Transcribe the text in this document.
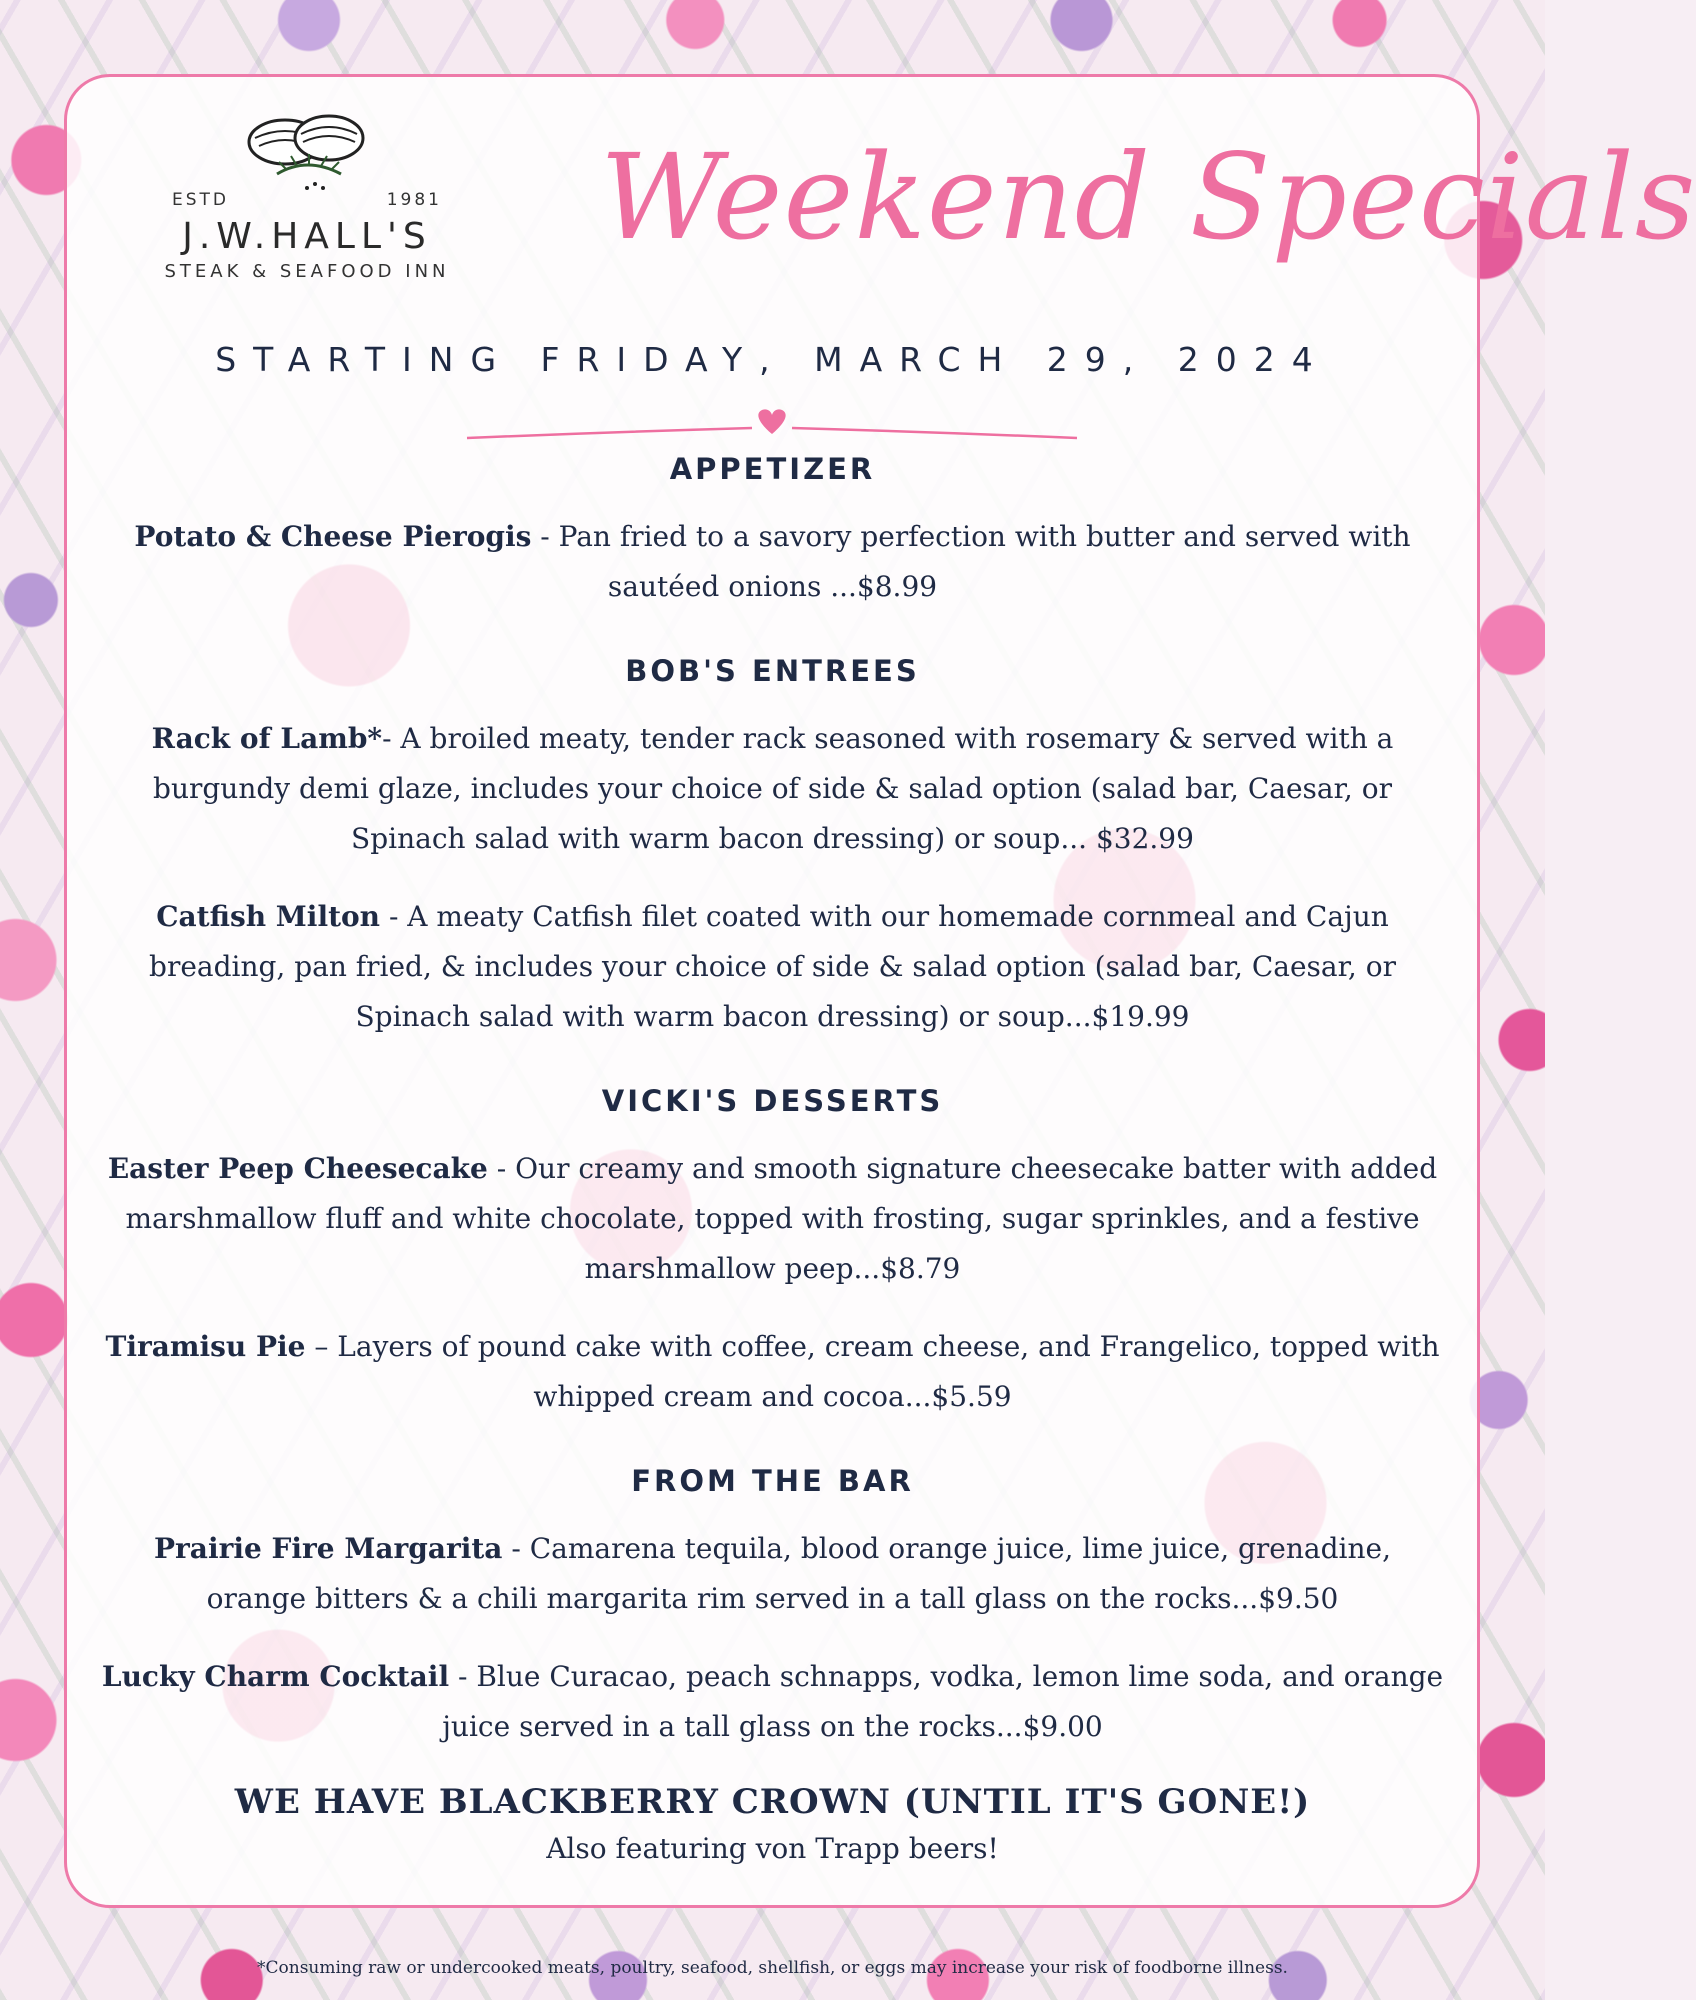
ESTD	1981
J.W.HALL'S
STEAK & SEAFOOD INN
Weekend Specials
STARTING FRIDAY, MARCH 29, 2024
APPETIZER

Potato & Cheese Pierogis - Pan fried to a savory perfection with butter and served with sautéed onions ...$8.99

BOB'S ENTREES

Rack of Lamb*- A broiled meaty, tender rack seasoned with rosemary & served with a burgundy demi glaze, includes your choice of side & salad option (salad bar, Caesar, or Spinach salad with warm bacon dressing) or soup... $32.99

Catfish Milton - A meaty Catfish filet coated with our homemade cornmeal and Cajun breading, pan fried, & includes your choice of side & salad option (salad bar, Caesar, or Spinach salad with warm bacon dressing) or soup...$19.99

VICKI'S DESSERTS

Easter Peep Cheesecake - Our creamy and smooth signature cheesecake batter with added marshmallow fluff and white chocolate, topped with frosting, sugar sprinkles, and a festive marshmallow peep...$8.79

Tiramisu Pie – Layers of pound cake with coffee, cream cheese, and Frangelico, topped with whipped cream and cocoa...$5.59

FROM THE BAR

Prairie Fire Margarita - Camarena tequila, blood orange juice, lime juice, grenadine, orange bitters & a chili margarita rim served in a tall glass on the rocks...$9.50

Lucky Charm Cocktail - Blue Curacao, peach schnapps, vodka, lemon lime soda, and orange juice served in a tall glass on the rocks...$9.00

WE HAVE BLACKBERRY CROWN (UNTIL IT'S GONE!)
Also featuring von Trapp beers!
*Consuming raw or undercooked meats, poultry, seafood, shellfish, or eggs may increase your risk of foodborne illness.
